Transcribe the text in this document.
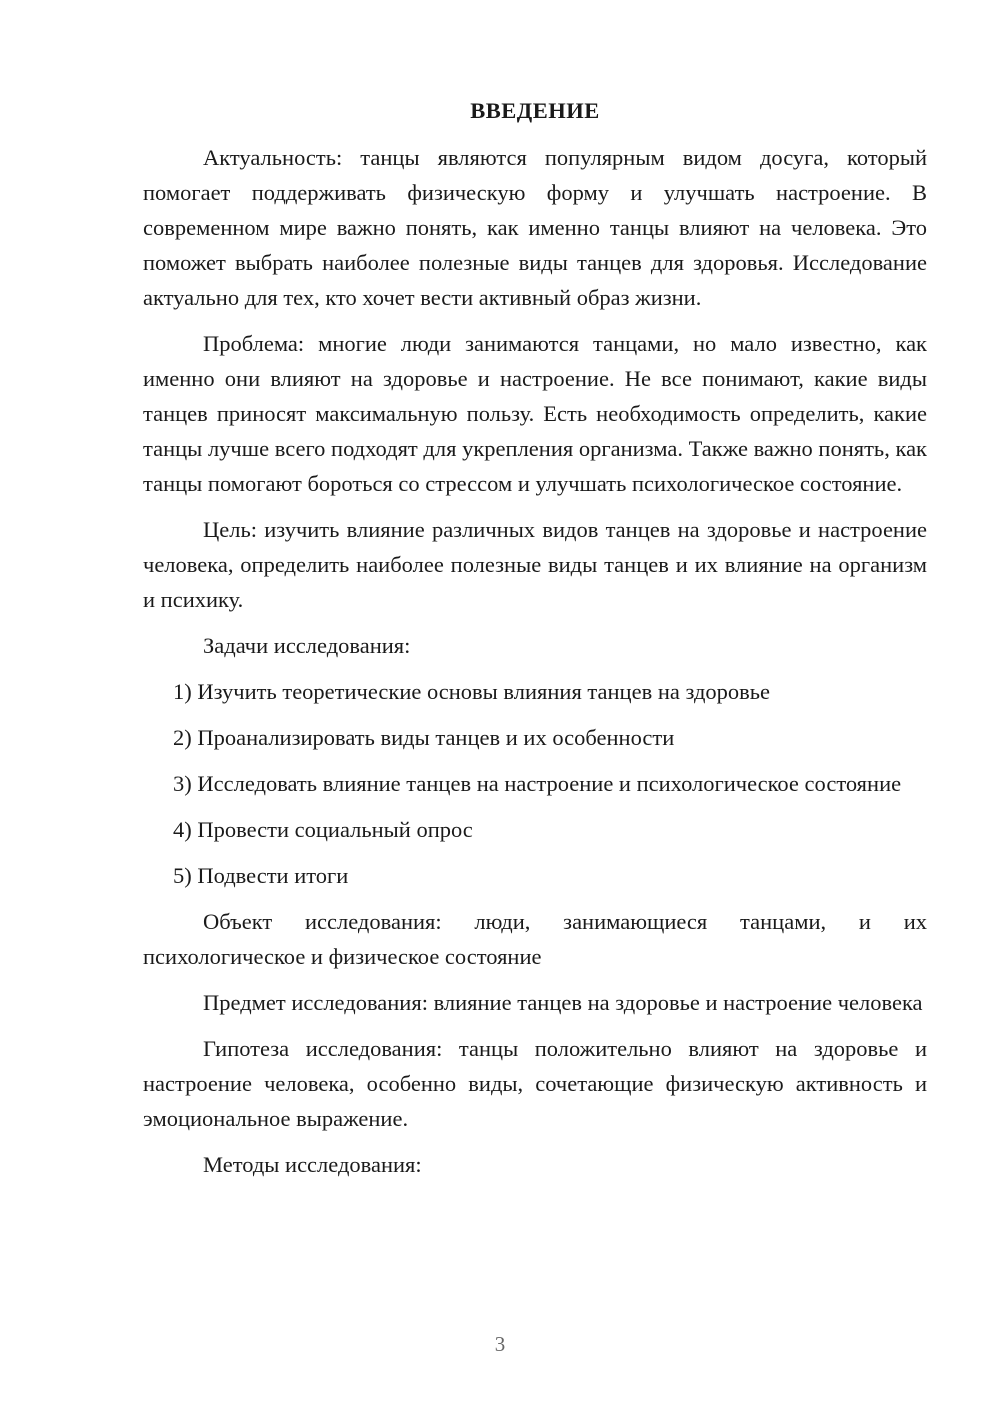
ВВЕДЕНИЕ

Актуальность: танцы являются популярным видом досуга, который помогает поддерживать физическую форму и улучшать настроение. В современном мире важно понять, как именно танцы влияют на человека. Это поможет выбрать наиболее полезные виды танцев для здоровья. Исследование актуально для тех, кто хочет вести активный образ жизни.

Проблема: многие люди занимаются танцами, но мало известно, как именно они влияют на здоровье и настроение. Не все понимают, какие виды танцев приносят максимальную пользу. Есть необходимость определить, какие танцы лучше всего подходят для укрепления организма. Также важно понять, как танцы помогают бороться со стрессом и улучшать психологическое состояние.

Цель: изучить влияние различных видов танцев на здоровье и настроение человека, определить наиболее полезные виды танцев и их влияние на организм и психику.

Задачи исследования:

1) Изучить теоретические основы влияния танцев на здоровье

2) Проанализировать виды танцев и их особенности

3) Исследовать влияние танцев на настроение и психологическое состояние

4) Провести социальный опрос

5) Подвести итоги

Объект исследования: люди, занимающиеся танцами, и их психологическое и физическое состояние

Предмет исследования: влияние танцев на здоровье и настроение человека

Гипотеза исследования: танцы положительно влияют на здоровье и настроение человека, особенно виды, сочетающие физическую активность и эмоциональное выражение.

Методы исследования:

3
